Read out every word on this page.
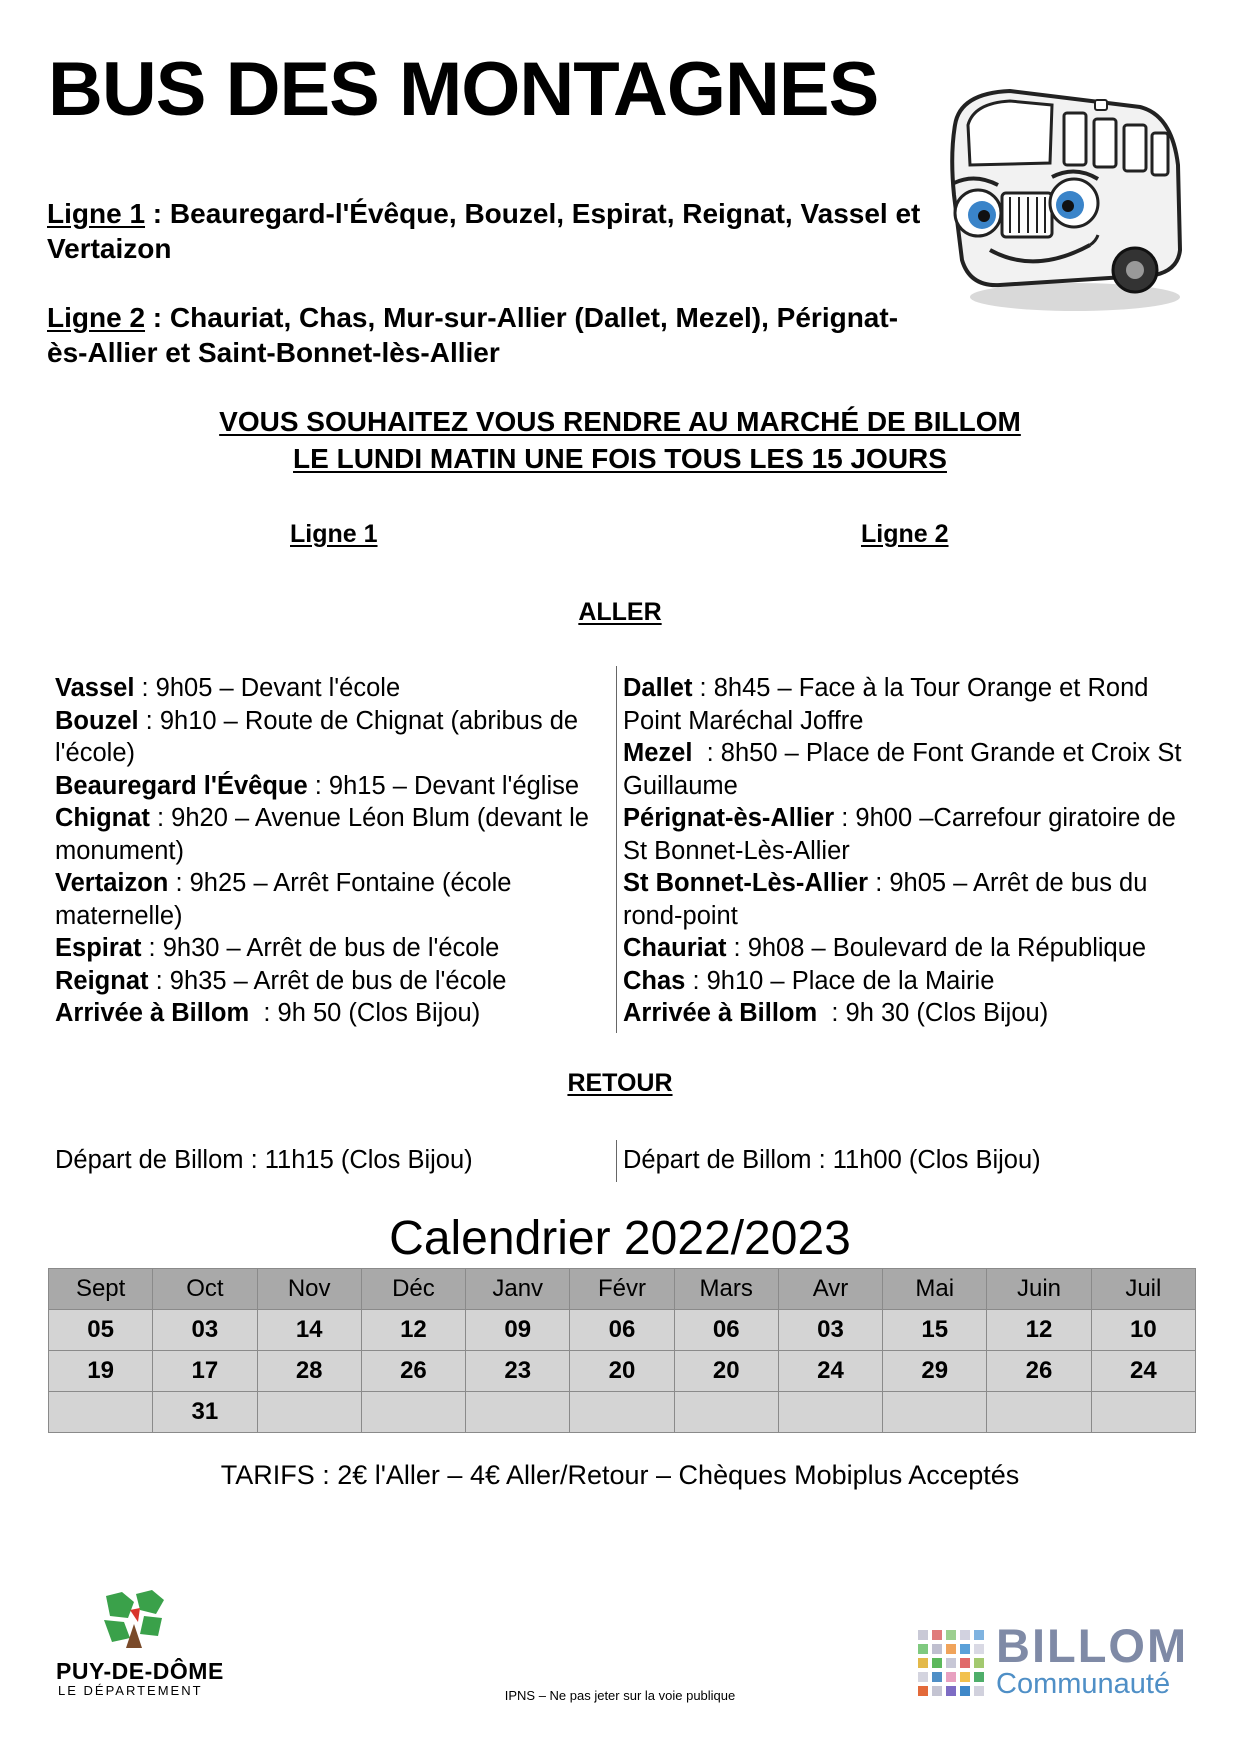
BUS DES MONTAGNES
Ligne 1 : Beauregard-l'Évêque, Bouzel, Espirat, Reignat, Vassel et Vertaizon
Ligne 2 : Chauriat, Chas, Mur-sur-Allier (Dallet, Mezel), Pérignat-ès-Allier et Saint-Bonnet-lès-Allier
VOUS SOUHAITEZ VOUS RENDRE AU MARCHÉ DE BILLOM
LE LUNDI MATIN UNE FOIS TOUS LES 15 JOURS
Ligne 1	Ligne 2
ALLER
Vassel : 9h05 – Devant l'école
Bouzel : 9h10 – Route de Chignat (abribus de l'école)
Beauregard l'Évêque : 9h15 – Devant l'église
Chignat : 9h20 – Avenue Léon Blum (devant le monument)
Vertaizon : 9h25 – Arrêt Fontaine (école maternelle)
Espirat : 9h30 – Arrêt de bus de l'école
Reignat : 9h35 – Arrêt de bus de l'école
Arrivée à Billom  : 9h 50 (Clos Bijou)
Dallet : 8h45 – Face à la Tour Orange et Rond Point Maréchal Joffre
Mezel  : 8h50 – Place de Font Grande et Croix St Guillaume
Pérignat-ès-Allier : 9h00 –Carrefour giratoire de St Bonnet-Lès-Allier
St Bonnet-Lès-Allier : 9h05 – Arrêt de bus du rond-point
Chauriat : 9h08 – Boulevard de la République
Chas : 9h10 – Place de la Mairie
Arrivée à Billom  : 9h 30 (Clos Bijou)
RETOUR
Départ de Billom : 11h15 (Clos Bijou)	Départ de Billom : 11h00 (Clos Bijou)
Calendrier 2022/2023
Sept	Oct	Nov	Déc	Janv	Févr	Mars	Avr	Mai	Juin	Juil
05	03	14	12	09	06	06	03	15	12	10
19	17	28	26	23	20	20	24	29	26	24
	31									
TARIFS : 2€ l'Aller – 4€ Aller/Retour – Chèques Mobiplus Acceptés
PUY-DE-DÔME
LE DÉPARTEMENT	IPNS – Ne pas jeter sur la voie publique
BILLOM
Communauté
